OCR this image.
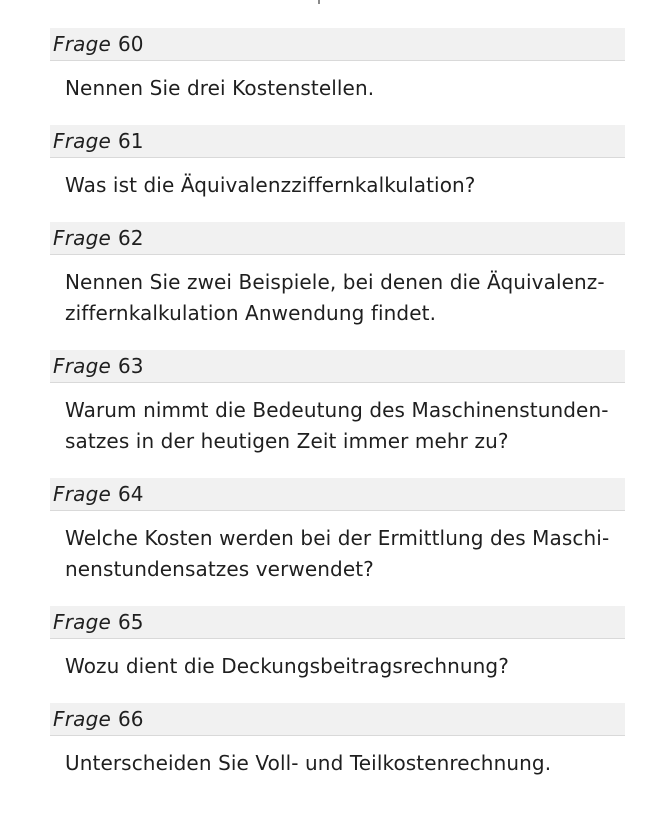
Frage 60
Nennen Sie drei Kostenstellen.
Frage 61
Was ist die Äquivalenzziffernkalkulation?
Frage 62
Nennen Sie zwei Beispiele, bei denen die Äquivalenz-
ziffernkalkulation Anwendung findet.
Frage 63
Warum nimmt die Bedeutung des Maschinenstunden-
satzes in der heutigen Zeit immer mehr zu?
Frage 64
Welche Kosten werden bei der Ermittlung des Maschi-
nenstundensatzes verwendet?
Frage 65
Wozu dient die Deckungsbeitragsrechnung?
Frage 66
Unterscheiden Sie Voll- und Teilkostenrechnung.
